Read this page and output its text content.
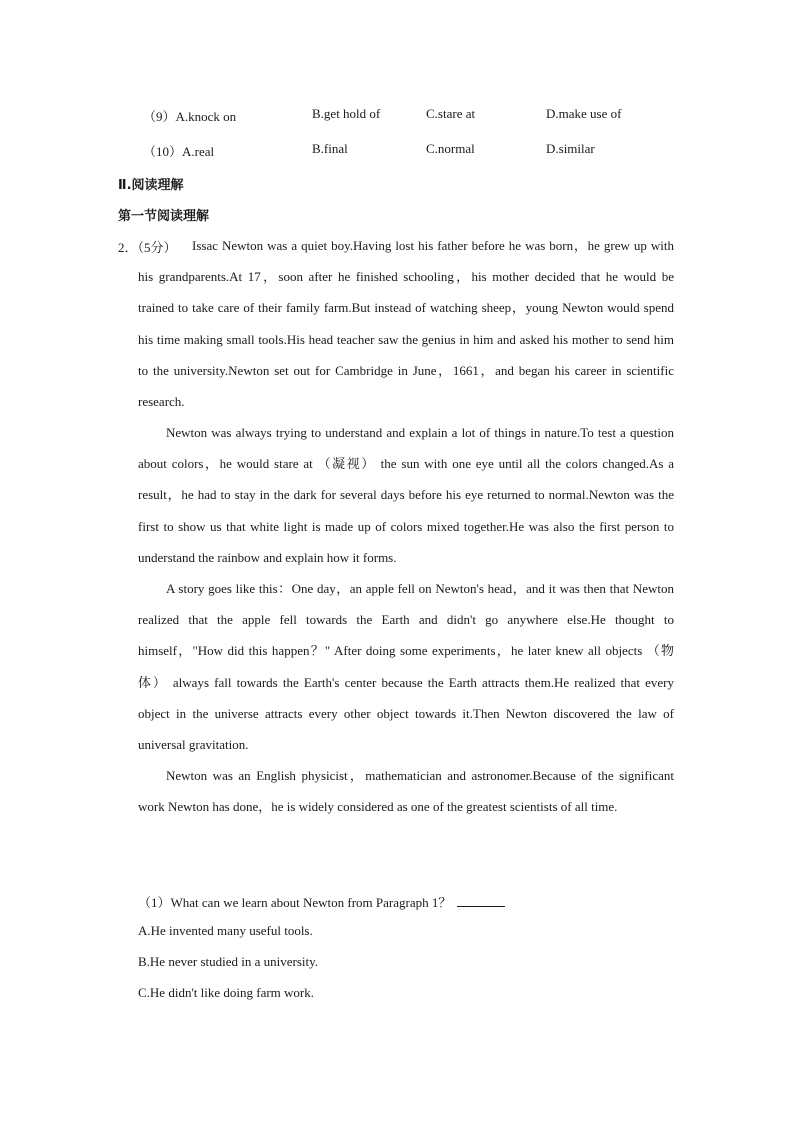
（9）A.knock on	B.get hold of	C.stare at	D.make use of
（10）A.real	B.final	C.normal	D.similar
Ⅱ.阅读理解
第一节阅读理解
2．（5分）	Issac Newton was a quiet boy.Having lost his father before he was born，he grew up with his grandparents.At 17，soon after he finished schooling，his mother decided that he would be trained to take care of their family farm.But instead of watching sheep，young Newton would spend his time making small tools.His head teacher saw the genius in him and asked his mother to send him to the university.Newton set out for Cambridge in June，1661，and began his career in scientific research.

Newton was always trying to understand and explain a lot of things in nature.To test a question about colors，he would stare at （凝视） the sun with one eye until all the colors changed.As a result，he had to stay in the dark for several days before his eye returned to normal.Newton was the first to show us that white light is made up of colors mixed together.He was also the first person to understand the rainbow and explain how it forms.

A story goes like this：One day，an apple fell on Newton's head，and it was then that Newton realized that the apple fell towards the Earth and didn't go anywhere else.He thought to himself，"How did this happen？" After doing some experiments，he later knew all objects （物体） always fall towards the Earth's center because the Earth attracts them.He realized that every object in the universe attracts every other object towards it.Then Newton discovered the law of universal gravitation.

Newton was an English physicist，mathematician and astronomer.Because of the significant work Newton has done，he is widely considered as one of the greatest scientists of all time.

（1）What can we learn about Newton from Paragraph 1？
A.He invented many useful tools.
B.He never studied in a university.
C.He didn't like doing farm work.
